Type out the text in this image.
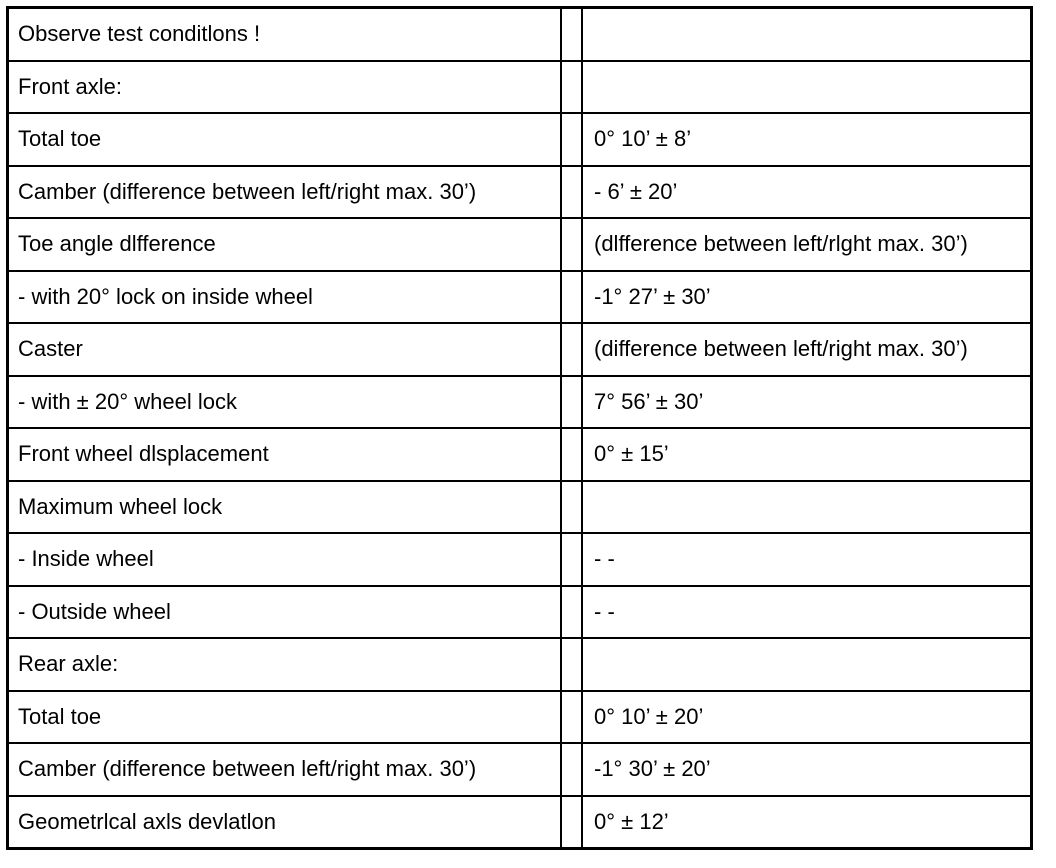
Observe test conditlons !		
Front axle:		
Total toe		0° 10’ ± 8’
Camber (difference between left/right max. 30’)		- 6’ ± 20’
Toe angle dlfference		(dlfference between left/rlght max. 30’)
- with 20° lock on inside wheel		-1° 27’ ± 30’
Caster		(difference between left/right max. 30’)
- with ± 20° wheel lock		7° 56’ ± 30’
Front wheel dlsplacement		0° ± 15’
Maximum wheel lock		
- Inside wheel		- -
- Outside wheel		- -
Rear axle:		
Total toe		0° 10’ ± 20’
Camber (difference between left/right max. 30’)		-1° 30’ ± 20’
Geometrlcal axls devlatlon		0° ± 12’
